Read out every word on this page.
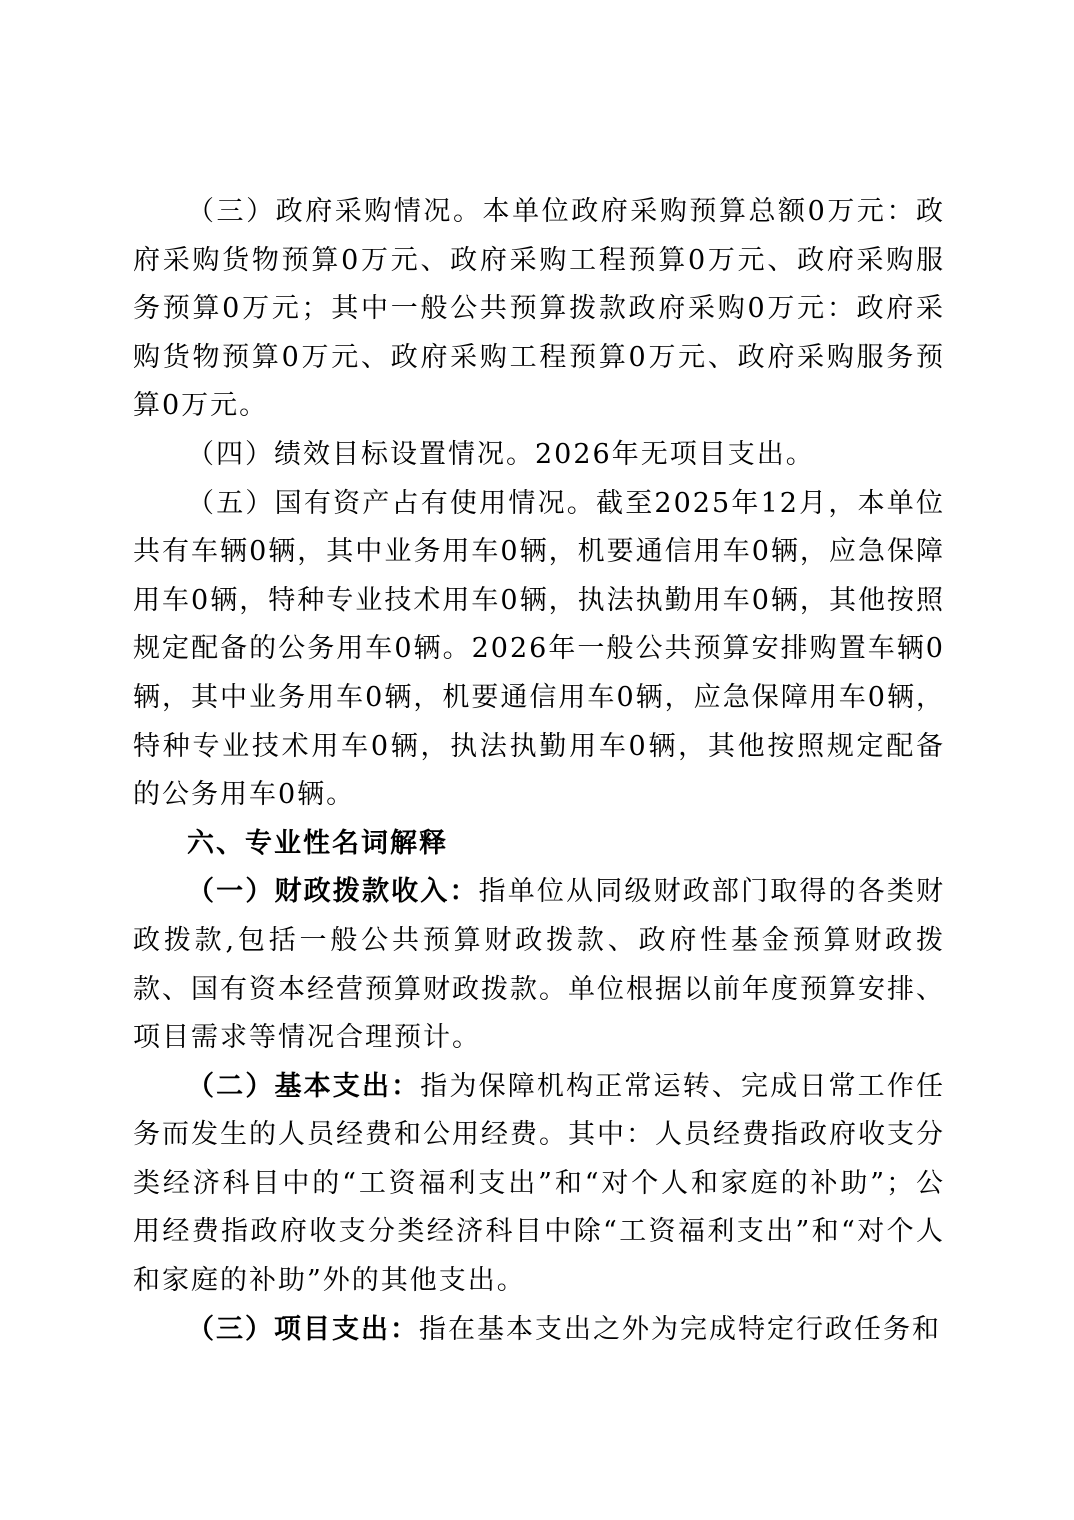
（三）政府采购情况。本单位政府采购预算总额0万元：政府采购货物预算0万元、政府采购工程预算0万元、政府采购服务预算0万元；其中一般公共预算拨款政府采购0万元：政府采购货物预算0万元、政府采购工程预算0万元、政府采购服务预算0万元。

（四）绩效目标设置情况。2026年无项目支出。

（五）国有资产占有使用情况。截至2025年12月，本单位共有车辆0辆，其中业务用车0辆，机要通信用车0辆，应急保障用车0辆，特种专业技术用车0辆，执法执勤用车0辆，其他按照规定配备的公务用车0辆。2026年一般公共预算安排购置车辆0辆，其中业务用车0辆，机要通信用车0辆，应急保障用车0辆，特种专业技术用车0辆，执法执勤用车0辆，其他按照规定配备的公务用车0辆。

六、专业性名词解释

（一）财政拨款收入：指单位从同级财政部门取得的各类财政拨款,包括一般公共预算财政拨款、政府性基金预算财政拨款、国有资本经营预算财政拨款。单位根据以前年度预算安排、项目需求等情况合理预计。

（二）基本支出：指为保障机构正常运转、完成日常工作任务而发生的人员经费和公用经费。其中：人员经费指政府收支分类经济科目中的“工资福利支出”和“对个人和家庭的补助”；公用经费指政府收支分类经济科目中除“工资福利支出”和“对个人和家庭的补助”外的其他支出。

（三）项目支出：指在基本支出之外为完成特定行政任务和
